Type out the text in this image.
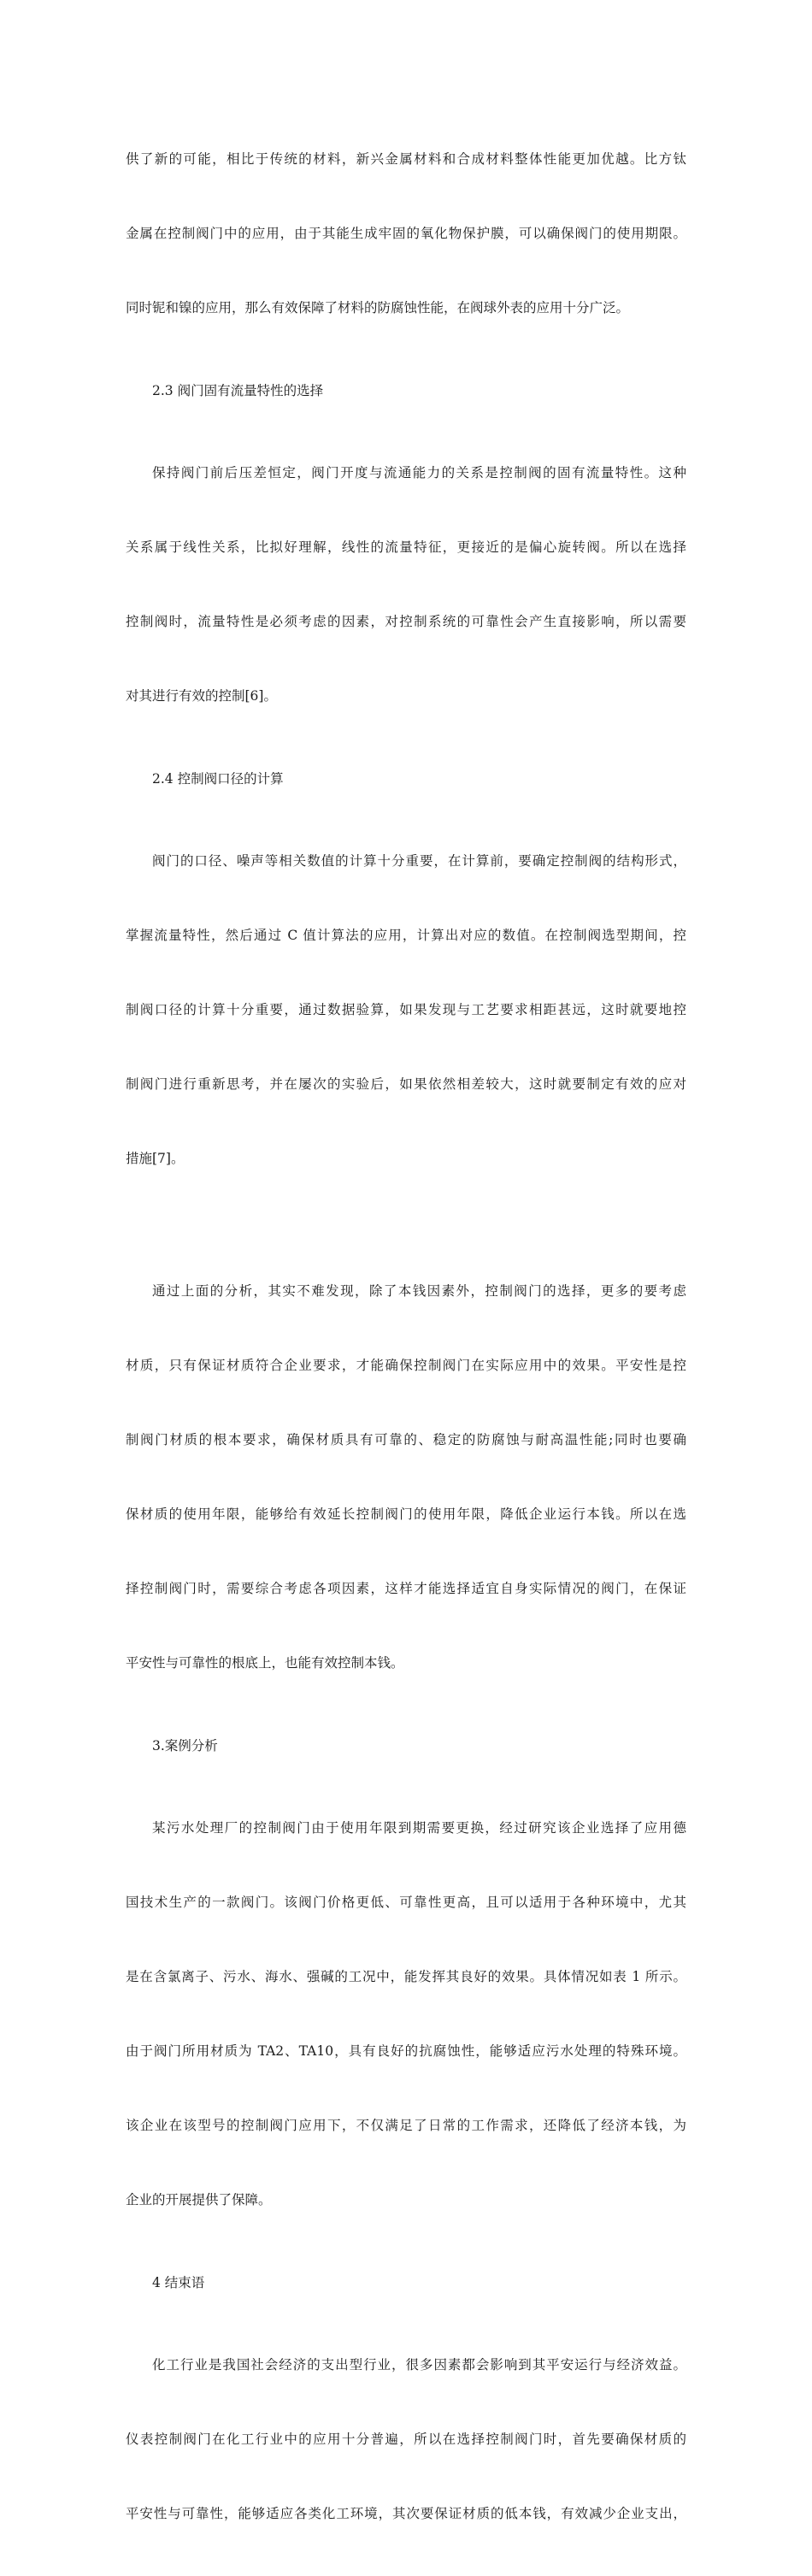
供了新的可能，相比于传统的材料，新兴金属材料和合成材料整体性能更加优越。比方钛

金属在控制阀门中的应用，由于其能生成牢固的氧化物保护膜，可以确保阀门的使用期限。

同时铌和镍的应用，那么有效保障了材料的防腐蚀性能，在阀球外表的应用十分广泛。

2.3 阀门固有流量特性的选择

保持阀门前后压差恒定，阀门开度与流通能力的关系是控制阀的固有流量特性。这种

关系属于线性关系，比拟好理解，线性的流量特征，更接近的是偏心旋转阀。所以在选择

控制阀时，流量特性是必须考虑的因素，对控制系统的可靠性会产生直接影响，所以需要

对其进行有效的控制[6]。

2.4 控制阀口径的计算

阀门的口径、噪声等相关数值的计算十分重要，在计算前，要确定控制阀的结构形式，

掌握流量特性，然后通过 C 值计算法的应用，计算出对应的数值。在控制阀选型期间，控

制阀口径的计算十分重要，通过数据验算，如果发现与工艺要求相距甚远，这时就要地控

制阀门进行重新思考，并在屡次的实验后，如果依然相差较大，这时就要制定有效的应对

措施[7]。

通过上面的分析，其实不难发现，除了本钱因素外，控制阀门的选择，更多的要考虑

材质，只有保证材质符合企业要求，才能确保控制阀门在实际应用中的效果。平安性是控

制阀门材质的根本要求，确保材质具有可靠的、稳定的防腐蚀与耐高温性能;同时也要确

保材质的使用年限，能够给有效延长控制阀门的使用年限，降低企业运行本钱。所以在选

择控制阀门时，需要综合考虑各项因素，这样才能选择适宜自身实际情况的阀门，在保证

平安性与可靠性的根底上，也能有效控制本钱。

3.案例分析

某污水处理厂的控制阀门由于使用年限到期需要更换，经过研究该企业选择了应用德

国技术生产的一款阀门。该阀门价格更低、可靠性更高，且可以适用于各种环境中，尤其

是在含氯离子、污水、海水、强碱的工况中，能发挥其良好的效果。具体情况如表 1 所示。

由于阀门所用材质为 TA2、TA10，具有良好的抗腐蚀性，能够适应污水处理的特殊环境。

该企业在该型号的控制阀门应用下，不仅满足了日常的工作需求，还降低了经济本钱，为

企业的开展提供了保障。

4 结束语

化工行业是我国社会经济的支出型行业，很多因素都会影响到其平安运行与经济效益。

仪表控制阀门在化工行业中的应用十分普遍，所以在选择控制阀门时，首先要确保材质的

平安性与可靠性，能够适应各类化工环境，其次要保证材质的低本钱，有效减少企业支出，
